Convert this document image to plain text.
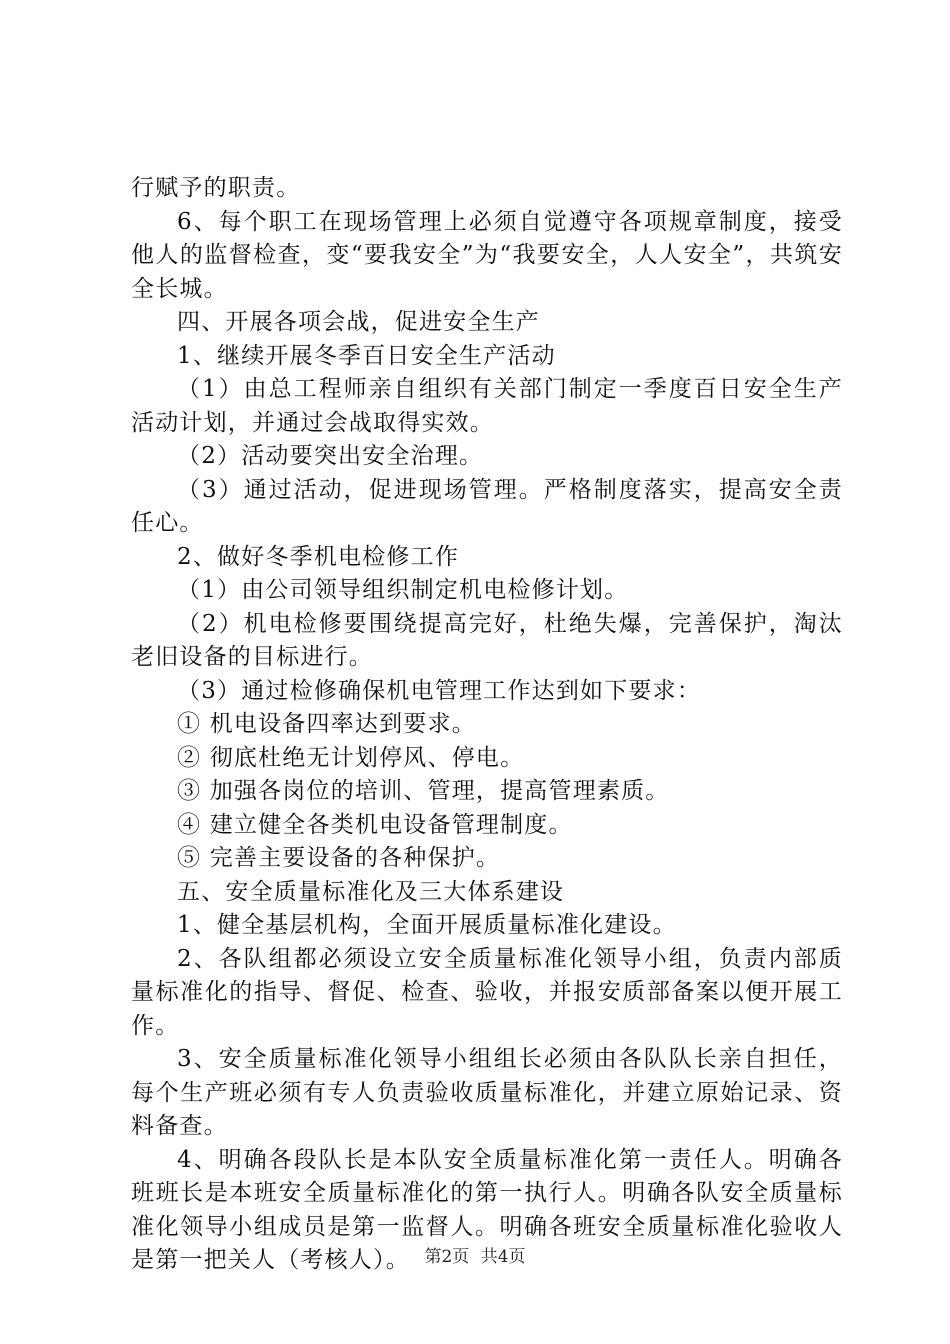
行赋予的职责。

6、每个职工在现场管理上必须自觉遵守各项规章制度，接受他人的监督检查，变“要我安全”为“我要安全，人人安全”，共筑安全长城。

四、开展各项会战，促进安全生产

1、继续开展冬季百日安全生产活动

（1）由总工程师亲自组织有关部门制定一季度百日安全生产活动计划，并通过会战取得实效。

（2）活动要突出安全治理。

（3）通过活动，促进现场管理。严格制度落实，提高安全责任心。

2、做好冬季机电检修工作

（1）由公司领导组织制定机电检修计划。

（2）机电检修要围绕提高完好，杜绝失爆，完善保护，淘汰老旧设备的目标进行。

（3）通过检修确保机电管理工作达到如下要求：

① 机电设备四率达到要求。

② 彻底杜绝无计划停风、停电。

③ 加强各岗位的培训、管理，提高管理素质。

④ 建立健全各类机电设备管理制度。

⑤ 完善主要设备的各种保护。

五、安全质量标准化及三大体系建设

1、健全基层机构，全面开展质量标准化建设。

2、各队组都必须设立安全质量标准化领导小组，负责内部质量标准化的指导、督促、检查、验收，并报安质部备案以便开展工作。

3、安全质量标准化领导小组组长必须由各队队长亲自担任，每个生产班必须有专人负责验收质量标准化，并建立原始记录、资料备查。

4、明确各段队长是本队安全质量标准化第一责任人。明确各班班长是本班安全质量标准化的第一执行人。明确各队安全质量标准化领导小组成员是第一监督人。明确各班安全质量标准化验收人是第一把关人（考核人）。 第2页 共4页
